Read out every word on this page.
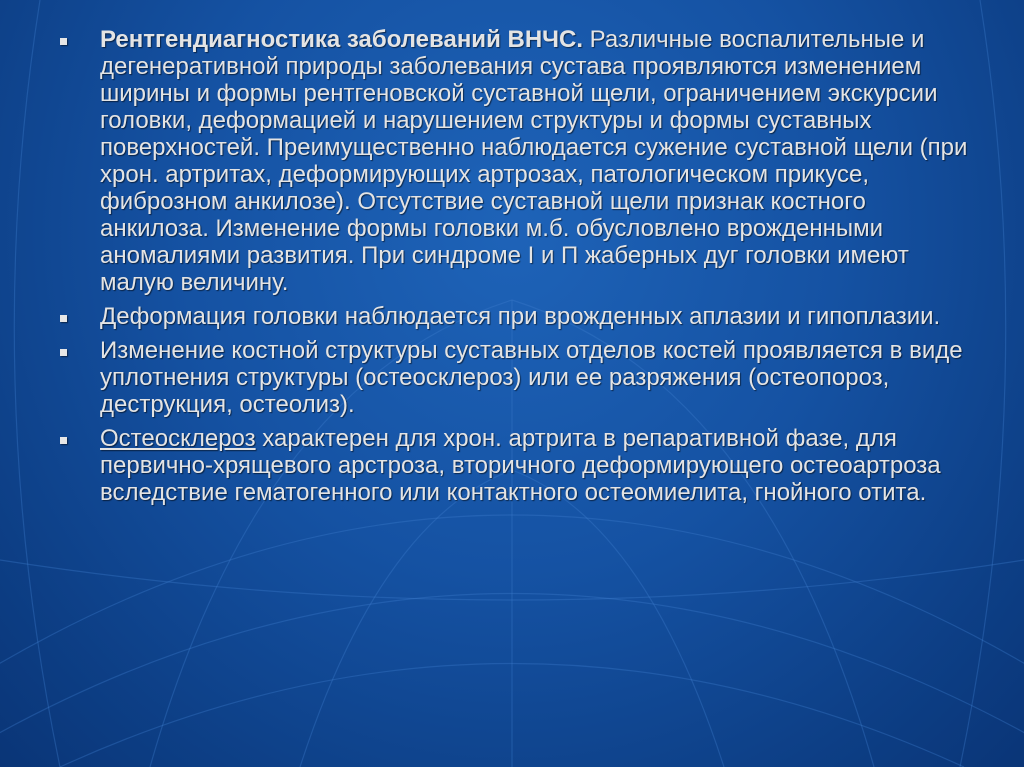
Рентгендиагностика заболеваний ВНЧС. Различные воспалительные и дегенеративной природы заболевания сустава проявляются изменением ширины и формы рентгеновской суставной щели, ограничением экскурсии головки, деформацией и нарушением структуры и формы суставных поверхностей. Преимущественно наблюдается сужение суставной щели (при хрон. артритах, деформирующих артрозах, патологическом прикусе, фиброзном анкилозе). Отсутствие суставной щели признак костного анкилоза. Изменение формы головки м.б. обусловлено врожденными аномалиями развития. При синдроме I и П жаберных дуг головки имеют малую величину.
Деформация головки наблюдается при врожденных аплазии и гипоплазии.
Изменение костной структуры суставных отделов костей проявляется в виде уплотнения структуры (остеосклероз) или ее разряжения (остеопороз, деструкция, остеолиз).
Остеосклероз характерен для хрон. артрита в репаративной фазе, для первично-хрящевого арстроза, вторичного деформирующего остеоартроза вследствие гематогенного или контактного остеомиелита, гнойного отита.
